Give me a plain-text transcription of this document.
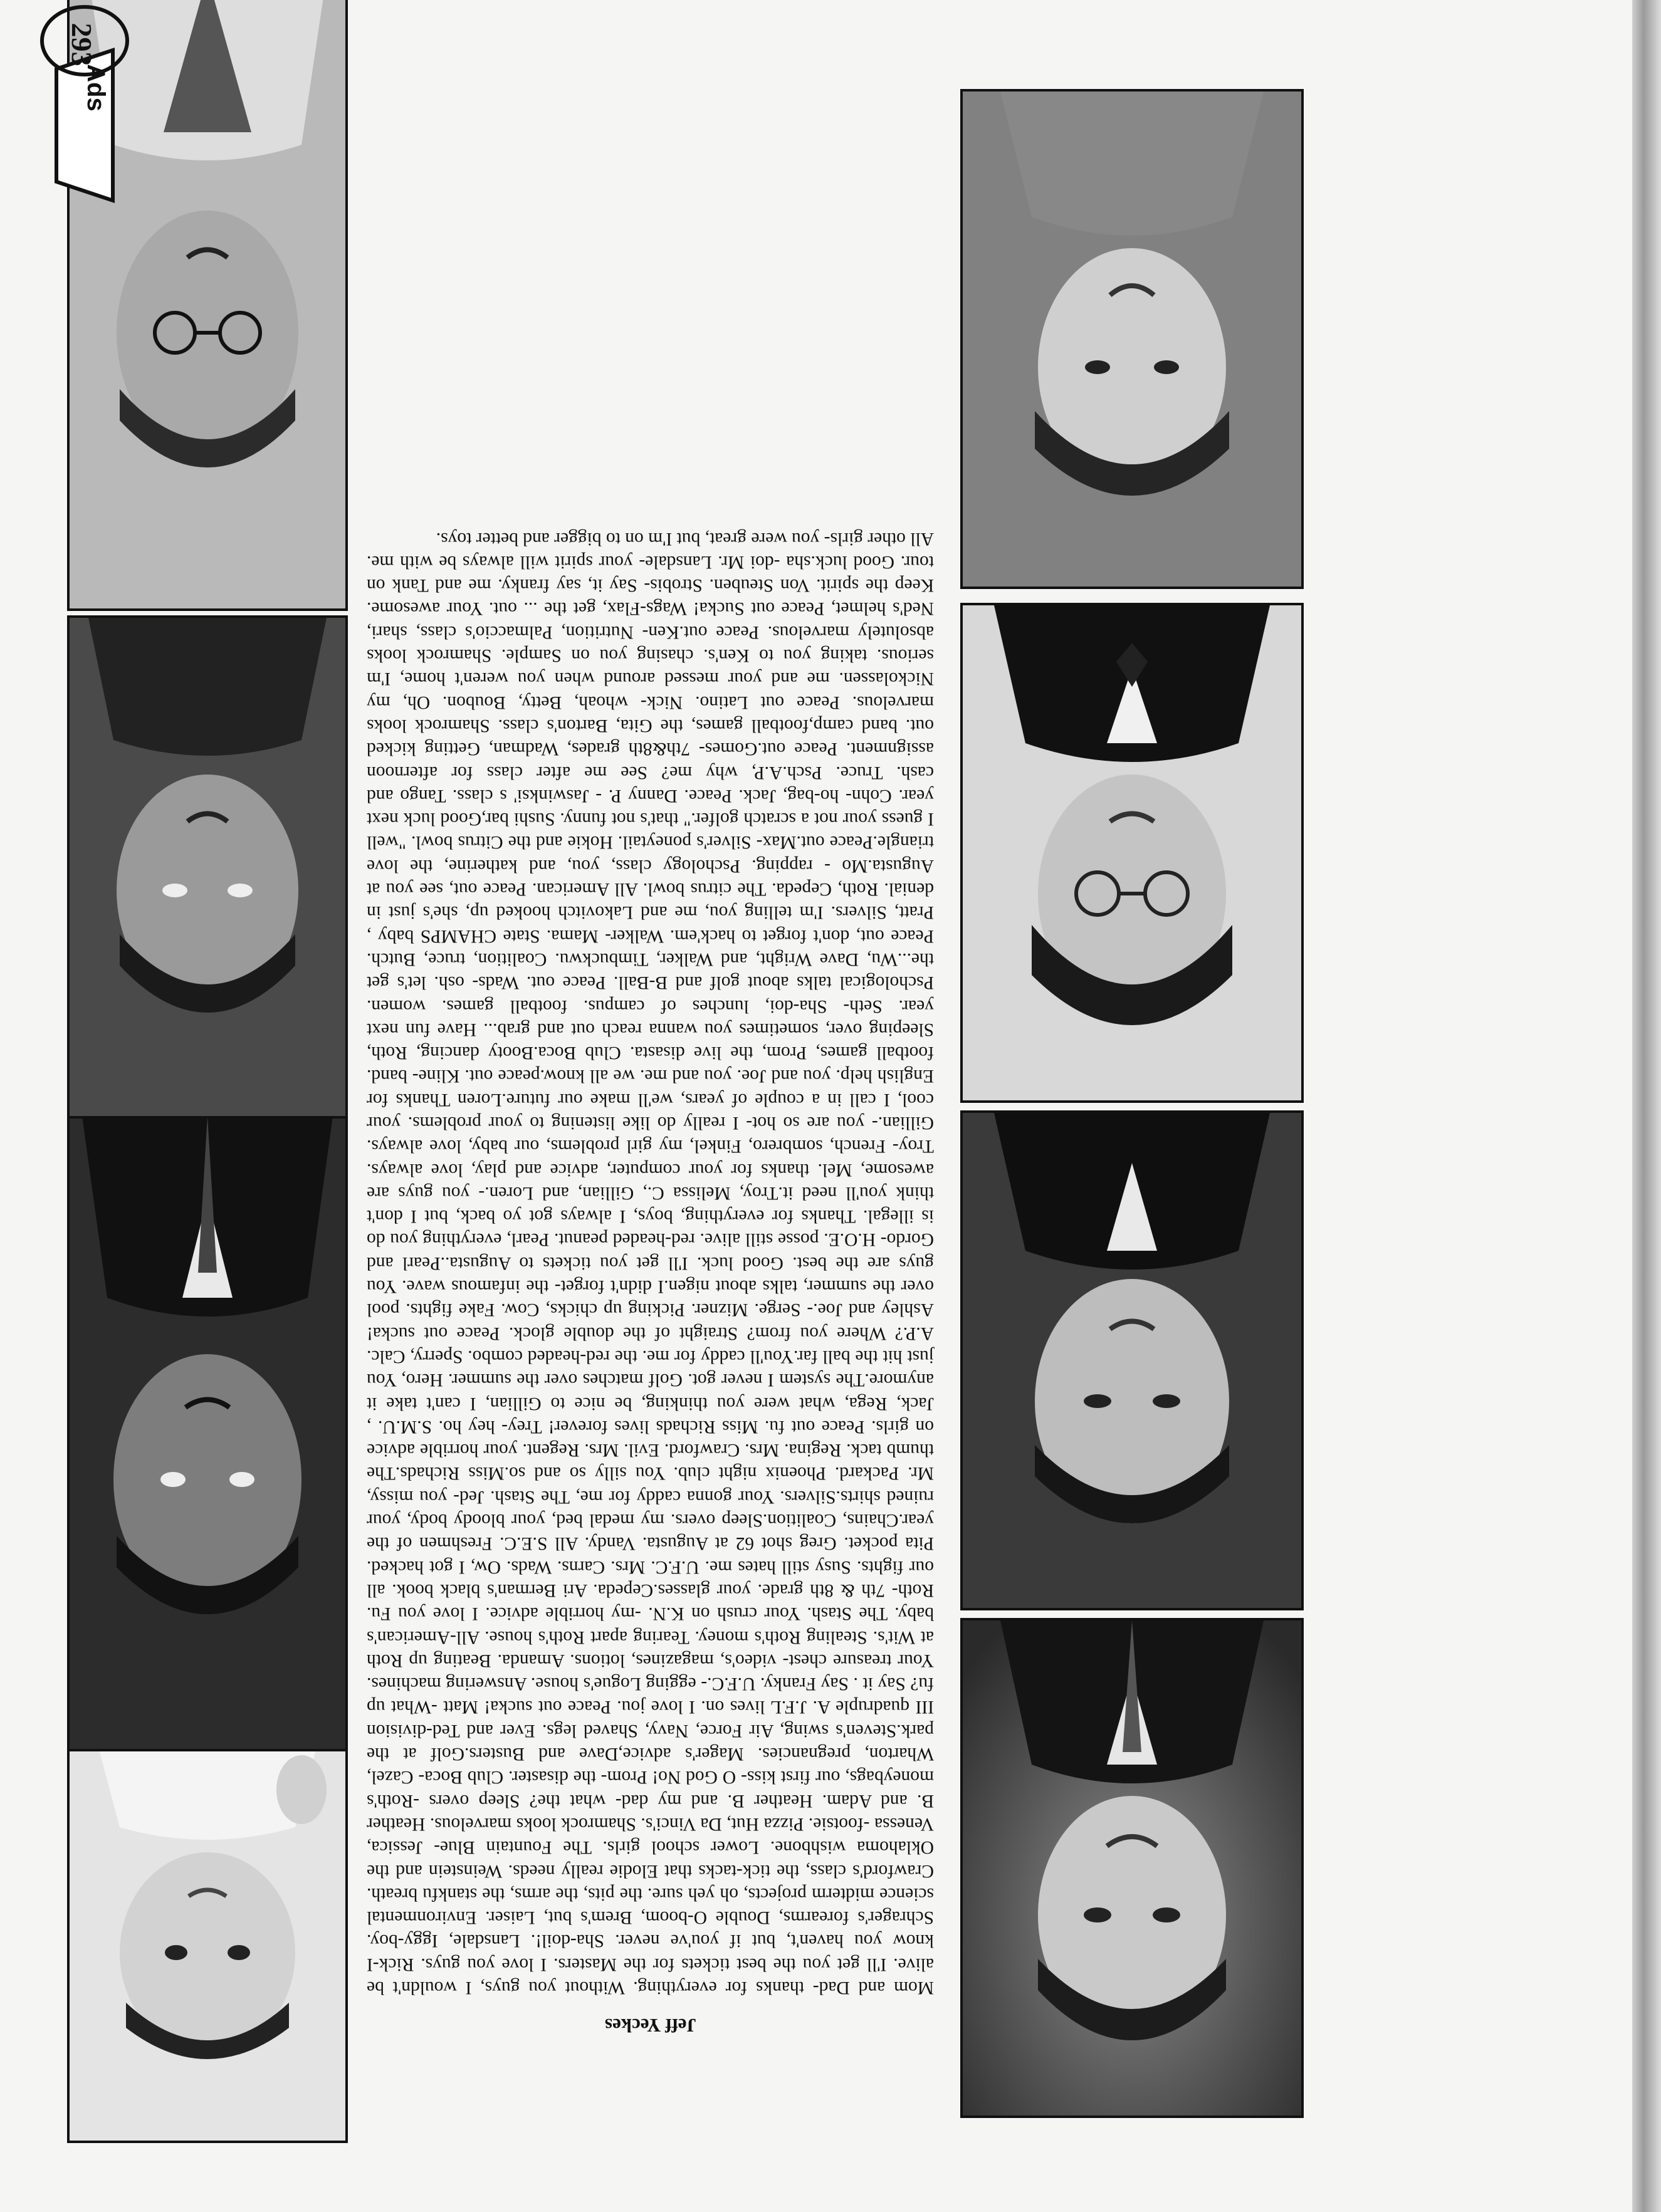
Jeff Yeckes
Mom and Dad- thanks for everything. Without you guys, I wouldn't be alive. I'll get you the best tickets for the Masters. I love you guys. Rick-I know you haven't, but if you've never. Sha-doil!. Lansdale, Iggy-boy. Schrager's forearms, Double O-boom, Brem's but, Laiser. Environmental science midterm projects, oh yeh sure. the pits, the arms, the stankfu breath. Crawford's class, the tick-tacks that Elodie really needs. Weinstein and the Oklahoma wishbone. Lower school girls. The Fountain Blue- Jessica, Venessa -footsie. Pizza Hut, Da Vinci's. Shamrock looks marvelous. Heather B. and Adam. Heather B. and my dad- what the? Sleep overs -Roth's moneybags, our first kiss- O God No! Prom- the disaster. Club Boca- Cazel, Wharton, pregnancies. Mager's advice,Dave and Busters.Golf at the park.Steven's swing, Air Force, Navy, Shaved legs. Ever and Ted-division III quadruple A. J.F.L lives on. I love jou. Peace out sucka! Matt -What up fu? Say it . Say Franky. U.F.C.- egging Logue's house. Answering machines. Your treasure chest- video's, magazines, lotions. Amanda. Beating up Roth at Wit's. Stealing Roth's money. Tearing apart Roth's house. All-American's baby. The Stash. Your crush on K.N. -my horrible advice. I love you Fu. Roth- 7th & 8th grade. your glasses.Cepeda. Ari Berman's black book. all our fights. Susy still hates me. U.F.C. Mrs. Carns. Wads. Ow, I got hacked. Pita pocket. Greg shot 62 at Augusta. Vandy. All S.E.C. Freshmen of the year.Chains, Coalition.Sleep overs. my medal bed, your bloody body, your ruined shirts.Silvers. Your gonna caddy for me, The Stash. Jed- you missy, Mr. Packard. Phoenix night club. You silly so and so.Miss Richads.The thumb tack. Regina. Mrs. Crawford. Evil. Mrs. Regent. your horrible advice on girls. Peace out fu. Miss Richads lives forever! Trey- hey ho. S.M.U. , Jack, Rega, what were you thinking, be nice to Gillian, I can't take it anymore.The system I never got. Golf matches over the summer. Hero, You just hit the ball far.You'll caddy for me. the red-headed combo. Sperry, Calc. A.P.? Where you from? Straight of the double glock. Peace out sucka! Ashley and Joe.- Serge. Mizner. Picking up chicks, Cow. Fake fights. pool over the summer, talks about nigen.I didn't forget- the infamous wave. You guys are the best. Good luck. I'll get you tickets to Augusta..Pearl and Gordo- H.O.E. posse still alive. red-headed peanut. Pearl, everything you do is illegal. Thanks for everything, boys, I always got yo back, but I don't think you'll need it.Troy, Melissa C., Gillian, and Loren.- you guys are awesome, Mel. thanks for your computer, advice and play, love always. Troy- French, sombrero, Finkel, my girl problems, our baby, love always. Gillian.- you are so hot- I really do like listening to your problems. your cool, I call in a couple of years, we'll make our future.Loren Thanks for English help. you and Joe. you and me. we all know.peace out. Kline- band. football games, Prom, the live disasta. Club Boca.Booty dancing, Roth, Sleeping over, sometimes you wanna reach out and grab... Have fun next year. Seth- Sha-doi, lunches of campus. football games. women. Pschological talks about golf and B-Ball. Peace out. Wads- osh. let's get the...Wu, Dave Wright, and Walker, Timbuckwu. Coalition, truce, Butch. Peace out, don't forget to hack'em. Walker- Mama. State CHAMPS baby , Pratt, Silvers. I'm telling you, me and Lakovitch hooked up, she's just in denial. Roth, Cepeda. The citrus bowl. All American. Peace out, see you at Augusta.Mo - rapping. Pschology class, you, and katherine, the love triangle.Peace out.Max- Silver's poneytail. Hokie and the Citrus bowl. "well I guess your not a scratch golfer." that's not funny. Sushi bar,Good luck next year. Cohn- ho-bag, Jack. Peace. Danny P. - Jaswinksi' s class. Tango and cash. Truce. Psch.A.P, why me? See me after class for afternoon assignment. Peace out.Gomes- 7th&8th grades, Wadman, Getting kicked out. band camp,football games, the Gita, Barton's class. Shamrock looks marvelous. Peace out Latino. Nick- whoah, Betty, Boubon. Oh, my Nickolassen. me and your messed around when you weren't home, I'm serious. taking you to Ken's. chasing you on Sample. Shamrock looks absolutely marvelous. Peace out.Ken- Nutrition, Palmaccio's class, shari, Ned's helmet, Peace out Sucka! Wags-Flax, get the ... out. Your awesome. Keep the spirit. Von Steuben. Strobis- Say it, say franky. me and Tank on tour. Good luck.sha -doi Mr. Lansdale- your spirit will always be with me. All other girls- you were great, but I'm on to bigger and better toys.
Ads
293
